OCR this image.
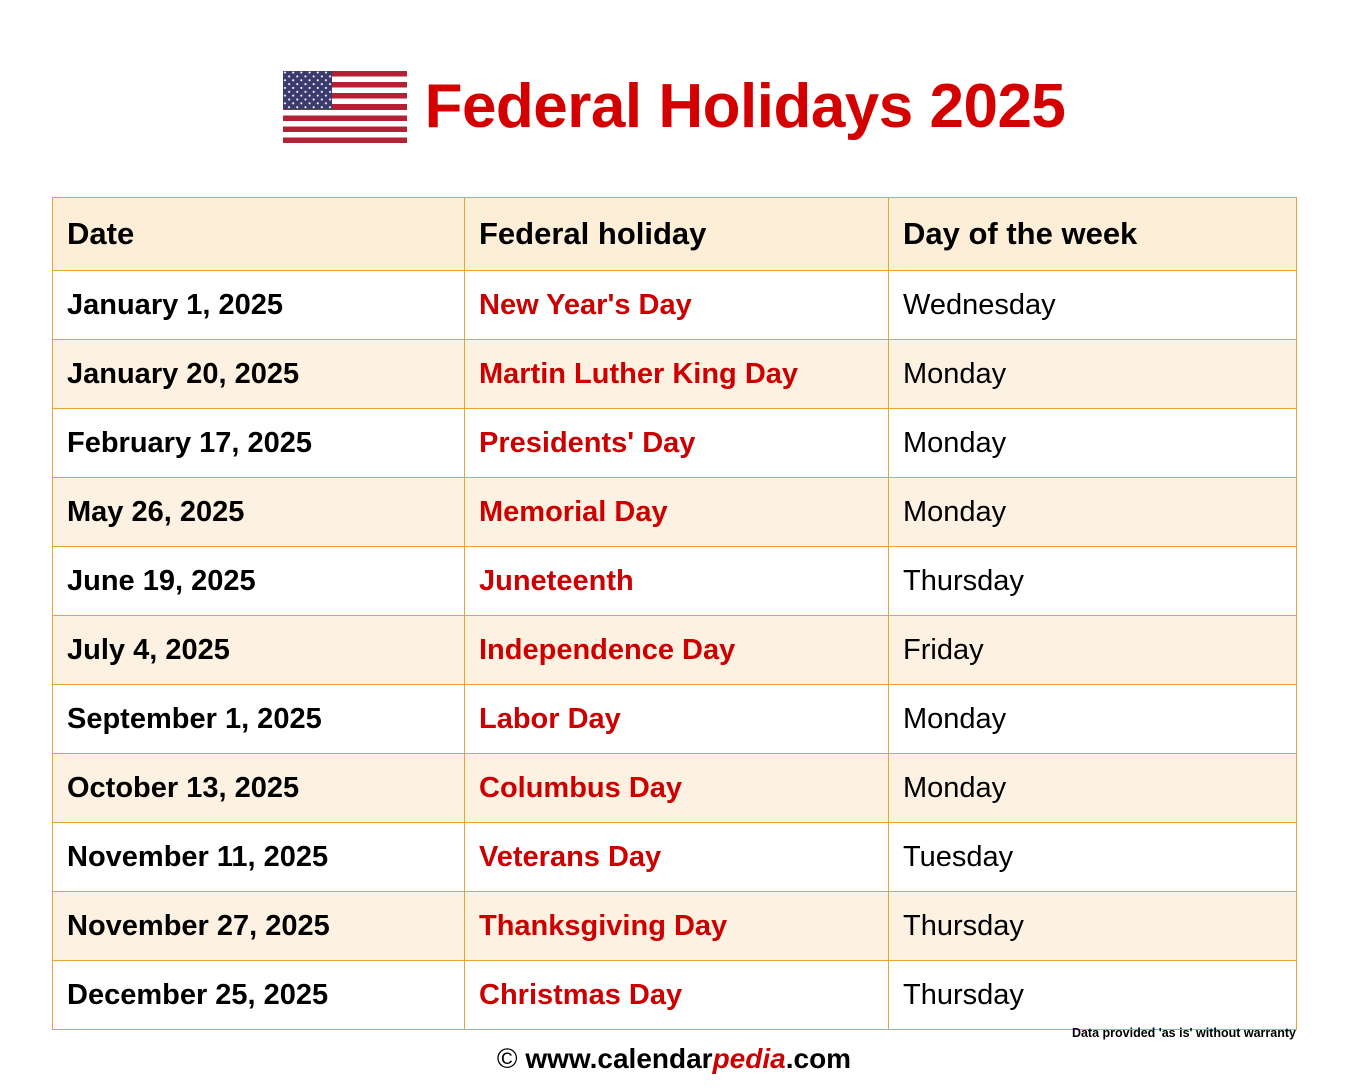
Federal Holidays 2025
Date	Federal holiday	Day of the week
January 1, 2025	New Year's Day	Wednesday
January 20, 2025	Martin Luther King Day	Monday
February 17, 2025	Presidents' Day	Monday
May 26, 2025	Memorial Day	Monday
June 19, 2025	Juneteenth	Thursday
July 4, 2025	Independence Day	Friday
September 1, 2025	Labor Day	Monday
October 13, 2025	Columbus Day	Monday
November 11, 2025	Veterans Day	Tuesday
November 27, 2025	Thanksgiving Day	Thursday
December 25, 2025	Christmas Day	Thursday
Data provided 'as is' without warranty
© www.calendarpedia.com
